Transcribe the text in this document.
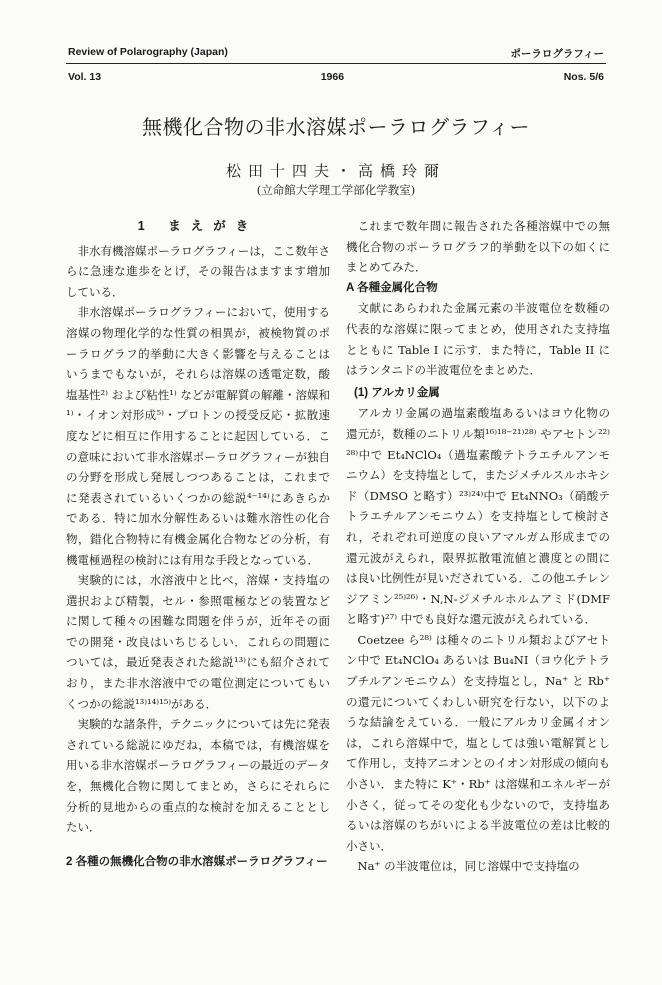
Review of Polarography (Japan)	ポーラログラフィー
Vol. 13	1966	Nos. 5/6
無機化合物の非水溶媒ポーラログラフィー
松田十四夫・高橋玲爾
(立命館大学理工学部化学教室)
1 まえがき

非水有機溶媒ポーラログラフィーは，ここ数年さらに急速な進歩をとげ，その報告はますます増加している．

非水溶媒ポーラログラフィーにおいて，使用する溶媒の物理化学的な性質の相異が，被検物質のポーラログラフ的挙動に大きく影響を与えることはいうまでもないが，それらは溶媒の透電定数，酸塩基性²⁾ および粘性¹⁾ などが電解質の解離・溶媒和¹⁾・イオン対形成⁵⁾・プロトンの授受反応・拡散速度などに相互に作用することに起因している．この意味において非水溶媒ポーラログラフィーが独自の分野を形成し発展しつつあることは，これまでに発表されているいくつかの総説⁴⁻¹⁴⁾にあきらかである．特に加水分解性あるいは難水溶性の化合物，錯化合物特に有機金属化合物などの分析，有機電極過程の検討には有用な手段となっている．

実験的には，水溶液中と比べ，溶媒・支持塩の選択および精製，セル・参照電極などの装置などに関して種々の困難な問題を伴うが，近年その面での開発・改良はいちじるしい．これらの問題については，最近発表された総説¹³⁾にも紹介されており，また非水溶液中での電位測定についてもいくつかの総説¹³⁾¹⁴⁾¹⁵⁾がある．

実験的な諸条件，テクニックについては先に発表されている総説にゆだね，本稿では，有機溶媒を用いる非水溶媒ポーラログラフィーの最近のデータを，無機化合物に関してまとめ，さらにそれらに分析的見地からの重点的な検討を加えることとしたい．

2 各種の無機化合物の非水溶媒ポーラログラフィー

これまで数年間に報告された各種溶媒中での無機化合物のポーラログラフ的挙動を以下の如くにまとめてみた．

A 各種金属化合物

文献にあらわれた金属元素の半波電位を数種の代表的な溶媒に限ってまとめ，使用された支持塩とともに Table I に示す．また特に，Table II にはランタニドの半波電位をまとめた．

(1) アルカリ金属

アルカリ金属の過塩素酸塩あるいはヨウ化物の還元が，数種のニトリル類¹⁶⁾¹⁸⁻²¹⁾²⁸⁾ やアセトン²²⁾²⁸⁾中で Et₄NClO₄（過塩素酸テトラエチルアンモニウム）を支持塩として，またジメチルスルホキシド（DMSO と略す）²³⁾²⁴⁾中で Et₄NNO₃（硝酸テトラエチルアンモニウム）を支持塩として検討され，それぞれ可逆度の良いアマルガム形成までの還元波がえられ，限界拡散電流値と濃度との間には良い比例性が見いだされている．この他エチレンジアミン²⁵⁾²⁶⁾・N,N-ジメチルホルムアミド(DMF と略す)²⁷⁾ 中でも良好な還元波がえられている．

Coetzee ら²⁸⁾ は種々のニトリル類およびアセトン中で Et₄NClO₄ あるいは Bu₄NI（ヨウ化テトラブチルアンモニウム）を支持塩とし，Na⁺ と Rb⁺ の還元についてくわしい研究を行ない，以下のような結論をえている．一般にアルカリ金属イオンは，これら溶媒中で，塩としては強い電解質として作用し，支持アニオンとのイオン対形成の傾向も小さい．また特に K⁺・Rb⁺ は溶媒和エネルギーが小さく，従ってその変化も少ないので，支持塩あるいは溶媒のちがいによる半波電位の差は比較的小さい．

Na⁺ の半波電位は，同じ溶媒中で支持塩の
